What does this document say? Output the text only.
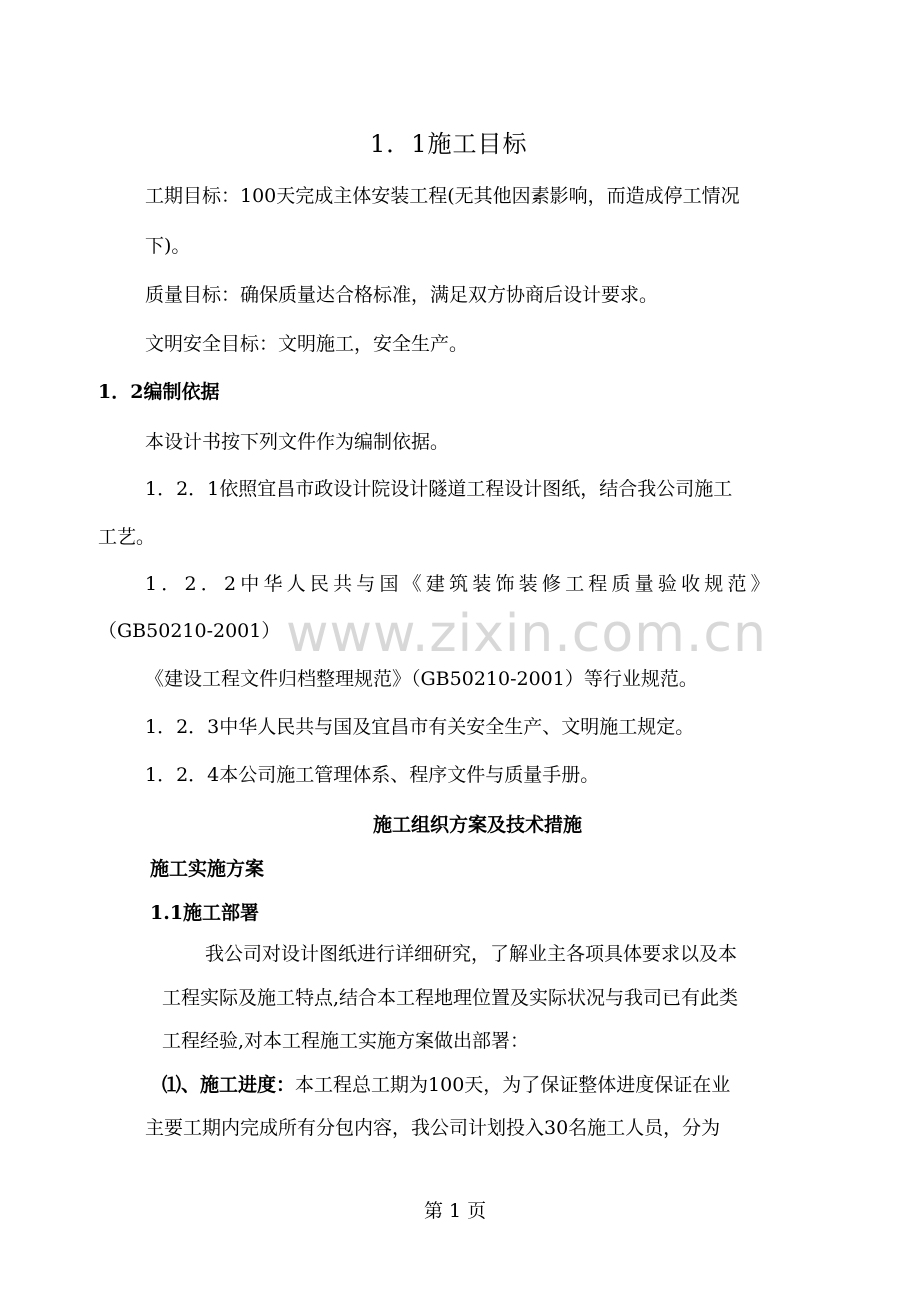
www.zixin.com.cn
1．1施工目标
工期目标：100天完成主体安装工程(无其他因素影响，而造成停工情况
下)。
质量目标：确保质量达合格标准，满足双方协商后设计要求。
文明安全目标：文明施工，安全生产。
1．2编制依据
本设计书按下列文件作为编制依据。
1．2．1依照宜昌市政设计院设计隧道工程设计图纸，结合我公司施工
工艺。
1．2．2中华人民共与国《建筑装饰装修工程质量验收规范》
（GB50210-2001）
《建设工程文件归档整理规范》（GB50210-2001）等行业规范。
1．2．3中华人民共与国及宜昌市有关安全生产、文明施工规定。
1．2．4本公司施工管理体系、程序文件与质量手册。
施工组织方案及技术措施
施工实施方案
1.1施工部署
我公司对设计图纸进行详细研究，了解业主各项具体要求以及本
工程实际及施工特点,结合本工程地理位置及实际状况与我司已有此类
工程经验,对本工程施工实施方案做出部署：
⑴、施工进度：本工程总工期为100天，为了保证整体进度保证在业
主要工期内完成所有分包内容，我公司计划投入30名施工人员，分为
第 1 页
